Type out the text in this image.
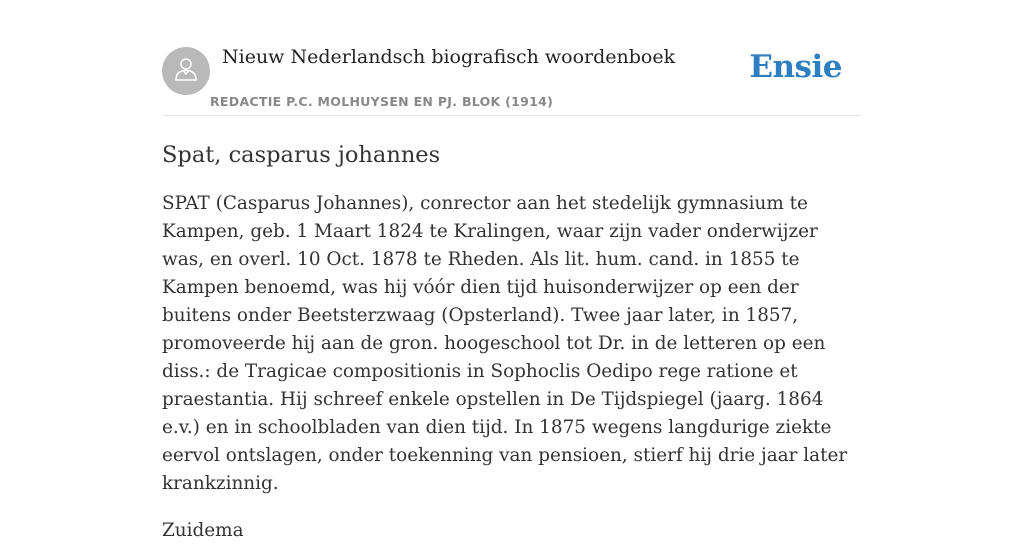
Nieuw Nederlandsch biografisch woordenboek
REDACTIE P.C. MOLHUYSEN EN PJ. BLOK (1914)
Ensie
Spat, casparus johannes

SPAT (Casparus Johannes), conrector aan het stedelijk gymnasium te Kampen, geb. 1 Maart 1824 te Kralingen, waar zijn vader onderwijzer was, en overl. 10 Oct. 1878 te Rheden. Als lit. hum. cand. in 1855 te Kampen benoemd, was hij vóór dien tijd huisonderwijzer op een der buitens onder Beetsterzwaag (Opsterland). Twee jaar later, in 1857, promoveerde hij aan de gron. hoogeschool tot Dr. in de letteren op een diss.: de Tragicae compositionis in Sophoclis Oedipo rege ratione et praestantia. Hij schreef enkele opstellen in De Tijdspiegel (jaarg. 1864 e.v.) en in schoolbladen van dien tijd. In 1875 wegens langdurige ziekte eervol ontslagen, onder toekenning van pensioen, stierf hij drie jaar later krankzinnig.

Zuidema
